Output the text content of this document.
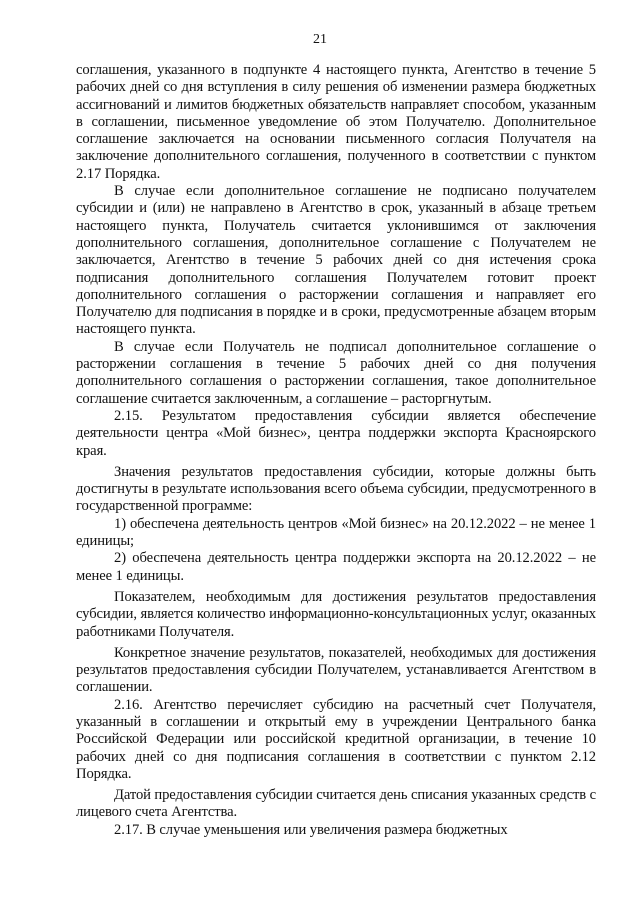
21

соглашения, указанного в подпункте 4 настоящего пункта, Агентство в течение 5 рабочих дней со дня вступления в силу решения об изменении размера бюджетных ассигнований и лимитов бюджетных обязательств направляет способом, указанным в соглашении, письменное уведомление об этом Получателю. Дополнительное соглашение заключается на основании письменного согласия Получателя на заключение дополнительного соглашения, полученного в соответствии с пунктом 2.17 Порядка.

В случае если дополнительное соглашение не подписано получателем субсидии и (или) не направлено в Агентство в срок, указанный в абзаце третьем настоящего пункта, Получатель считается уклонившимся от заключения дополнительного соглашения, дополнительное соглашение с Получателем не заключается, Агентство в течение 5 рабочих дней со дня истечения срока подписания дополнительного соглашения Получателем готовит проект дополнительного соглашения о расторжении соглашения и направляет его Получателю для подписания в порядке и в сроки, предусмотренные абзацем вторым настоящего пункта.

В случае если Получатель не подписал дополнительное соглашение о расторжении соглашения в течение 5 рабочих дней со дня получения дополнительного соглашения о расторжении соглашения, такое дополнительное соглашение считается заключенным, а соглашение – расторгнутым.

2.15. Результатом предоставления субсидии является обеспечение деятельности центра «Мой бизнес», центра поддержки экспорта Красноярского края.

Значения результатов предоставления субсидии, которые должны быть достигнуты в результате использования всего объема субсидии, предусмотренного в государственной программе:

1) обеспечена деятельность центров «Мой бизнес» на 20.12.2022 – не менее 1 единицы;

2) обеспечена деятельность центра поддержки экспорта на 20.12.2022 – не менее 1 единицы.

Показателем, необходимым для достижения результатов предоставления субсидии, является количество информационно-консультационных услуг, оказанных работниками Получателя.

Конкретное значение результатов, показателей, необходимых для достижения результатов предоставления субсидии Получателем, устанавливается Агентством в соглашении.

2.16. Агентство перечисляет субсидию на расчетный счет Получателя, указанный в соглашении и открытый ему в учреждении Центрального банка Российской Федерации или российской кредитной организации, в течение 10 рабочих дней со дня подписания соглашения в соответствии с пунктом 2.12 Порядка.

Датой предоставления субсидии считается день списания указанных средств с лицевого счета Агентства.

2.17. В случае уменьшения или увеличения размера бюджетных
